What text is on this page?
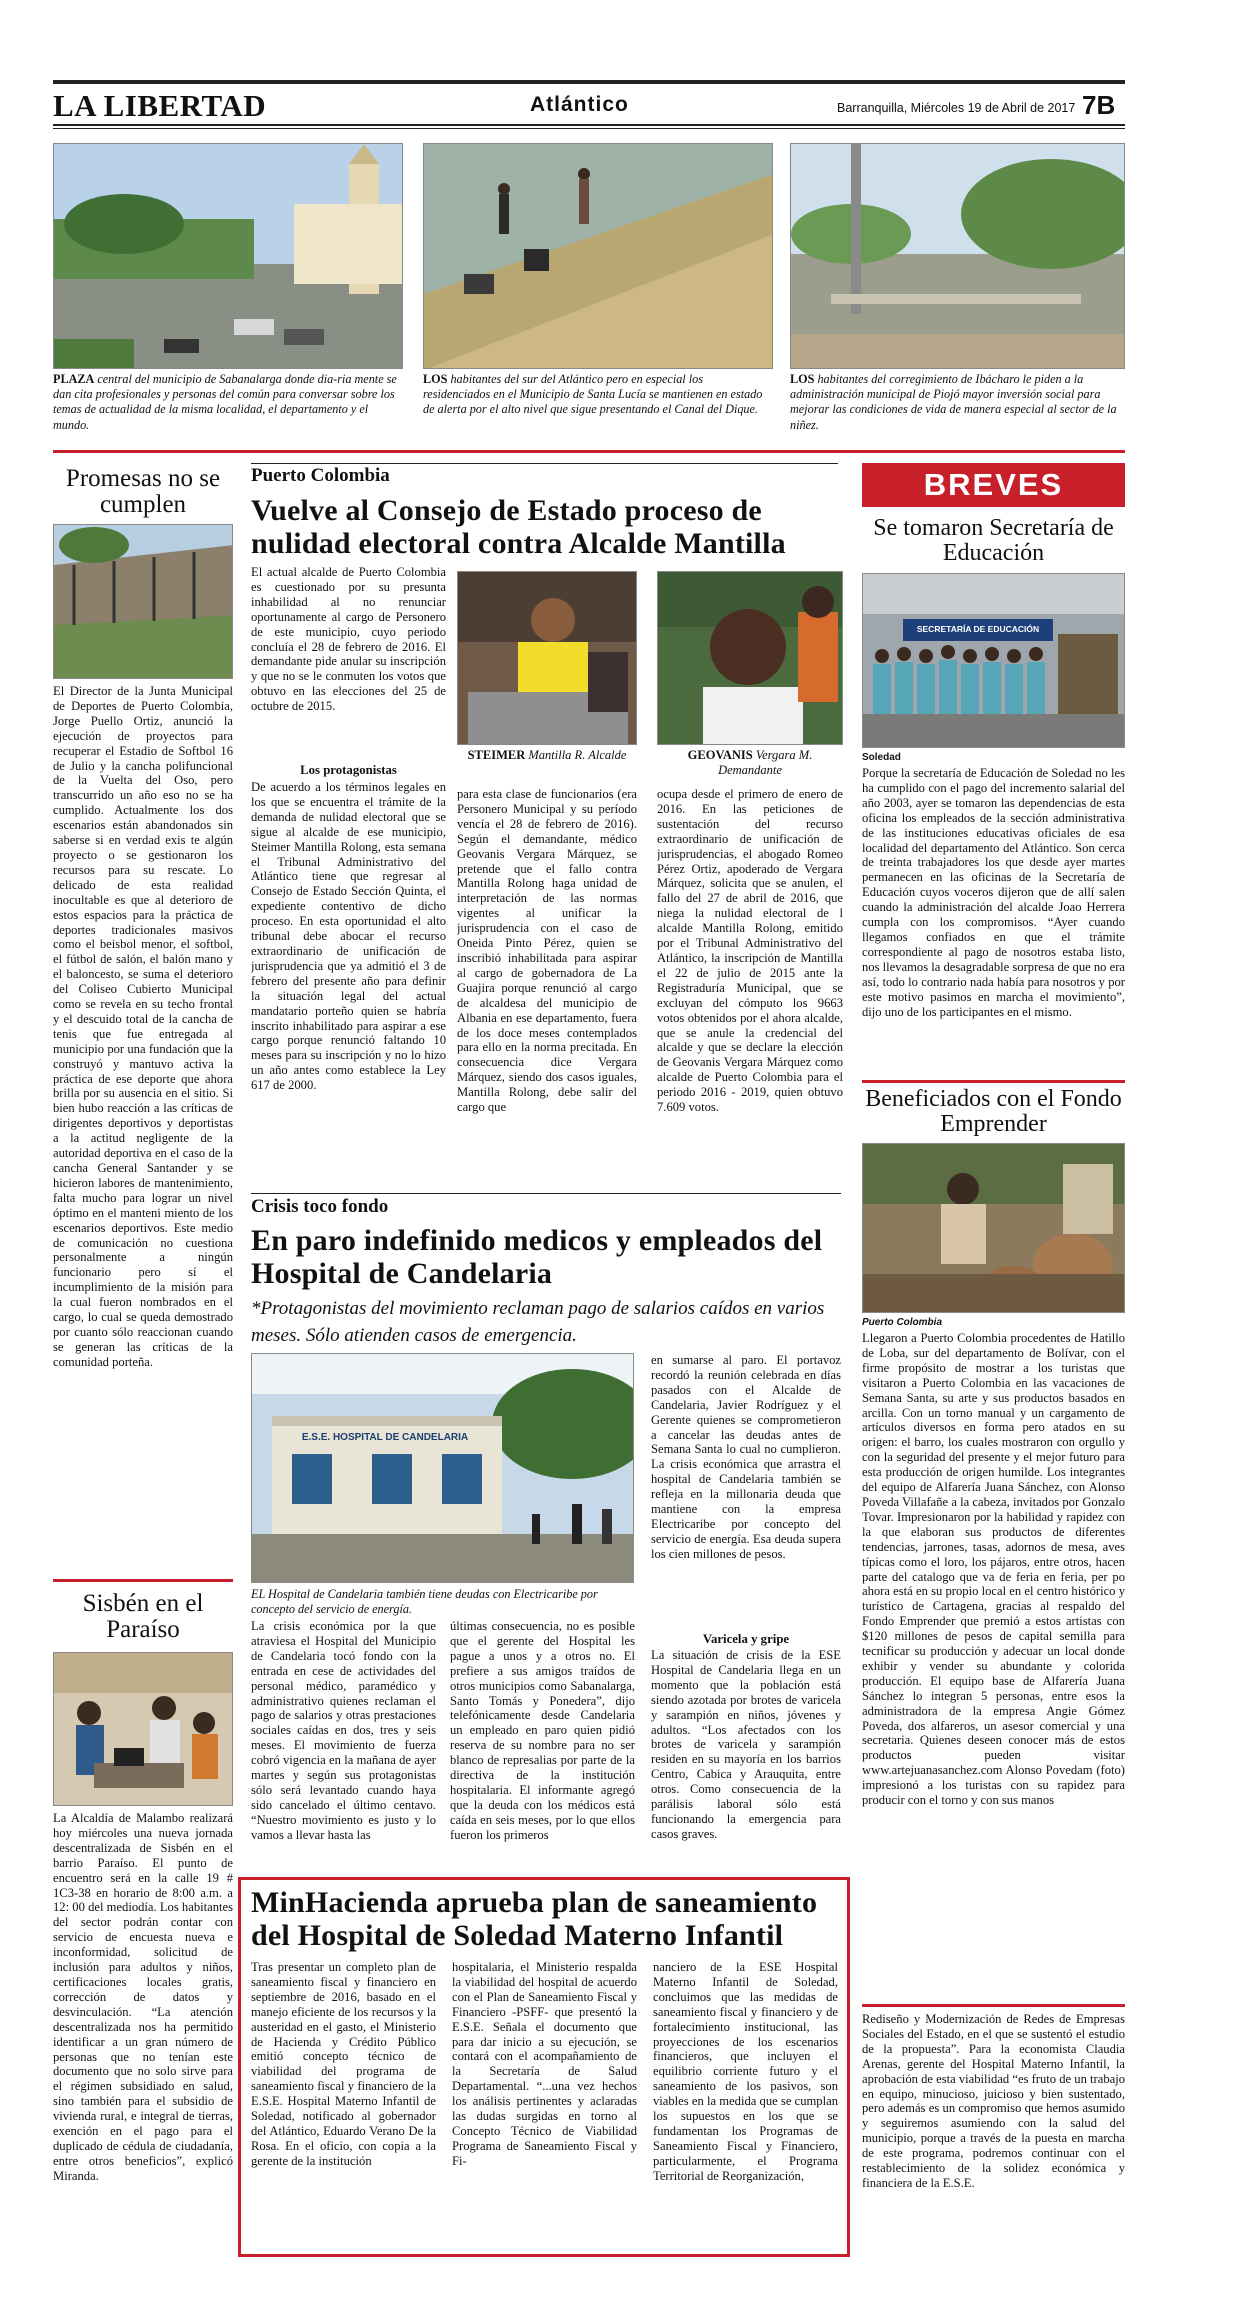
LA LIBERTAD	Atlántico	Barranquilla, Miércoles 19 de Abril de 2017 7B
PLAZA central del municipio de Sabanalarga donde dia-ria mente se dan cita profesionales y personas del común para conversar sobre los temas de actualidad de la misma localidad, el departamento y el mundo.
LOS habitantes del sur del Atlántico pero en especial los residenciados en el Municipio de Santa Lucía se mantienen en estado de alerta por el alto nivel que sigue presentando el Canal del Dique.
LOS habitantes del corregimiento de Ibácharo le piden a la administración municipal de Piojó mayor inversión social para mejorar las condiciones de vida de manera especial al sector de la niñez.
Promesas no se cumplen
El Director de la Junta Municipal de Deportes de Puerto Colombia, Jorge Puello Ortiz, anunció la ejecución de proyectos para recuperar el Estadio de Softbol 16 de Julio y la cancha polifuncional de la Vuelta del Oso, pero transcurrido un año eso no se ha cumplido. Actualmente los dos escenarios están abandonados sin saberse si en verdad exis te algún proyecto o se gestionaron los recursos para su rescate. Lo delicado de esta realidad inocultable es que al deterioro de estos espacios para la práctica de deportes tradicionales masivos como el beisbol menor, el softbol, el fútbol de salón, el balón mano y el baloncesto, se suma el deterioro del Coliseo Cubierto Municipal como se revela en su techo frontal y el descuido total de la cancha de tenis que fue entregada al municipio por una fundación que la construyó y mantuvo activa la práctica de ese deporte que ahora brilla por su ausencia en el sitio. Si bien hubo reacción a las críticas de dirigentes deportivos y deportistas a la actitud negligente de la autoridad deportiva en el caso de la cancha General Santander y se hicieron labores de mantenimiento, falta mucho para lograr un nivel óptimo en el manteni miento de los escenarios deportivos. Este medio de comunicación no cuestiona personalmente a ningún funcionario pero sí el incumplimiento de la misión para la cual fueron nombrados en el cargo, lo cual se queda demostrado por cuanto sólo reaccionan cuando se generan las críticas de la comunidad porteña.
Sisbén en el Paraíso
La Alcaldía de Malambo realizará hoy miércoles una nueva jornada descentralizada de Sisbén en el barrio Paraíso. El punto de encuentro será en la calle 19 # 1C3-38 en horario de 8:00 a.m. a 12: 00 del mediodía. Los habitantes del sector podrán contar con servicio de encuesta nueva e inconformidad, solicitud de inclusión para adultos y niños, certificaciones locales gratis, corrección de datos y desvinculación. “La atención descentralizada nos ha permitido identificar a un gran número de personas que no tenían este documento que no solo sirve para el régimen subsidiado en salud, sino también para el subsidio de vivienda rural, e integral de tierras, exención en el pago para el duplicado de cédula de ciudadanía, entre otros beneficios”, explicó Miranda.
Puerto Colombia
Vuelve al Consejo de Estado proceso de nulidad electoral contra Alcalde Mantilla
El actual alcalde de Puerto Colombia es cuestionado por su presunta inhabilidad al no renunciar oportunamente al cargo de Personero de este municipio, cuyo periodo concluía el 28 de febrero de 2016. El demandante pide anular su inscripción y que no se le conmuten los votos que obtuvo en las elecciones del 25 de octubre de 2015.
Los protagonistas
De acuerdo a los términos legales en los que se encuentra el trámite de la demanda de nulidad electoral que se sigue al alcalde de ese municipio, Steimer Mantilla Rolong, esta semana el Tribunal Administrativo del Atlántico tiene que regresar al Consejo de Estado Sección Quinta, el expediente contentivo de dicho proceso. En esta oportunidad el alto tribunal debe abocar el recurso extraordinario de unificación de jurisprudencia que ya admitió el 3 de febrero del presente año para definir la situación legal del actual mandatario porteño quien se habría inscrito inhabilitado para aspirar a ese cargo porque renunció faltando 10 meses para su inscripción y no lo hizo un año antes como establece la Ley 617 de 2000.
STEIMER Mantilla R. Alcalde	GEOVANIS Vergara M. Demandante
para esta clase de funcionarios (era Personero Municipal y su período vencía el 28 de febrero de 2016). Según el demandante, médico Geovanis Vergara Márquez, se pretende que el fallo contra Mantilla Rolong haga unidad de interpretación de las normas vigentes al unificar la jurisprudencia con el caso de Oneida Pinto Pérez, quien se inscribió inhabilitada para aspirar al cargo de gobernadora de La Guajira porque renunció al cargo de alcaldesa del municipio de Albania en ese departamento, fuera de los doce meses contemplados para ello en la norma precitada. En consecuencia dice Vergara Márquez, siendo dos casos iguales, Mantilla Rolong, debe salir del cargo que
ocupa desde el primero de enero de 2016. En las peticiones de sustentación del recurso extraordinario de unificación de jurisprudencias, el abogado Romeo Pérez Ortiz, apoderado de Vergara Márquez, solicita que se anulen, el fallo del 27 de abril de 2016, que niega la nulidad electoral de l alcalde Mantilla Rolong, emitido por el Tribunal Administrativo del Atlántico, la inscripción de Mantilla el 22 de julio de 2015 ante la Registraduría Municipal, que se excluyan del cómputo los 9663 votos obtenidos por el ahora alcalde, que se anule la credencial del alcalde y que se declare la elección de Geovanis Vergara Márquez como alcalde de Puerto Colombia para el periodo 2016 - 2019, quien obtuvo 7.609 votos.
Crisis toco fondo
En paro indefinido medicos y empleados del Hospital de Candelaria
*Protagonistas del movimiento reclaman pago de salarios caídos en varios meses. Sólo atienden casos de emergencia.
E.S.E. HOSPITAL DE CANDELARIA
EL Hospital de Candelaria también tiene deudas con Electricaribe por concepto del servicio de energía.
La crisis económica por la que atraviesa el Hospital del Municipio de Candelaria tocó fondo con la entrada en cese de actividades del personal médico, paramédico y administrativo quienes reclaman el pago de salarios y otras prestaciones sociales caídas en dos, tres y seis meses. El movimiento de fuerza cobró vigencia en la mañana de ayer martes y según sus protagonistas sólo será levantado cuando haya sido cancelado el último centavo. “Nuestro movimiento es justo y lo vamos a llevar hasta las
últimas consecuencia, no es posible que el gerente del Hospital les pague a unos y a otros no. El prefiere a sus amigos traídos de otros municipios como Sabanalarga, Santo Tomás y Ponedera”, dijo telefónicamente desde Candelaria un empleado en paro quien pidió reserva de su nombre para no ser blanco de represalias por parte de la directiva de la institución hospitalaria. El informante agregó que la deuda con los médicos está caída en seis meses, por lo que ellos fueron los primeros
en sumarse al paro. El portavoz recordó la reunión celebrada en días pasados con el Alcalde de Candelaria, Javier Rodríguez y el Gerente quienes se comprometieron a cancelar las deudas antes de Semana Santa lo cual no cumplieron. La crisis económica que arrastra el hospital de Candelaria también se refleja en la millonaria deuda que mantiene con la empresa Electricaribe por concepto del servicio de energía. Esa deuda supera los cien millones de pesos.
Varicela y gripe
La situación de crisis de la ESE Hospital de Candelaria llega en un momento que la población está siendo azotada por brotes de varicela y sarampión en niños, jóvenes y adultos. “Los afectados con los brotes de varicela y sarampión residen en su mayoría en los barrios Centro, Cabica y Arauquita, entre otros. Como consecuencia de la parálisis laboral sólo está funcionando la emergencia para casos graves.
MinHacienda aprueba plan de saneamiento del Hospital de Soledad Materno Infantil
Tras presentar un completo plan de saneamiento fiscal y financiero en septiembre de 2016, basado en el manejo eficiente de los recursos y la austeridad en el gasto, el Ministerio de Hacienda y Crédito Público emitió concepto técnico de viabilidad del programa de saneamiento fiscal y financiero de la E.S.E. Hospital Materno Infantil de Soledad, notificado al gobernador del Atlántico, Eduardo Verano De la Rosa. En el oficio, con copia a la gerente de la institución
hospitalaria, el Ministerio respalda la viabilidad del hospital de acuerdo con el Plan de Saneamiento Fiscal y Financiero -PSFF- que presentó la E.S.E. Señala el documento que para dar inicio a su ejecución, se contará con el acompañamiento de la Secretaría de Salud Departamental. “...una vez hechos los análisis pertinentes y aclaradas las dudas surgidas en torno al Concepto Técnico de Viabilidad Programa de Saneamiento Fiscal y Fi-
nanciero de la ESE Hospital Materno Infantil de Soledad, concluimos que las medidas de saneamiento fiscal y financiero y de fortalecimiento institucional, las proyecciones de los escenarios financieros, que incluyen el equilibrio corriente futuro y el saneamiento de los pasivos, son viables en la medida que se cumplan los supuestos en los que se fundamentan los Programas de Saneamiento Fiscal y Financiero, particularmente, el Programa Territorial de Reorganización,
Rediseño y Modernización de Redes de Empresas Sociales del Estado, en el que se sustentó el estudio de la propuesta”. Para la economista Claudia Arenas, gerente del Hospital Materno Infantil, la aprobación de esta viabilidad “es fruto de un trabajo en equipo, minucioso, juicioso y bien sustentado, pero además es un compromiso que hemos asumido y seguiremos asumiendo con la salud del municipio, porque a través de la puesta en marcha de este programa, podremos continuar con el restablecimiento de la solidez económica y financiera de la E.S.E.
BREVES
Se tomaron Secretaría de Educación
SECRETARÍA DE EDUCACIÓN
Soledad
Porque la secretaría de Educación de Soledad no les ha cumplido con el pago del incremento salarial del año 2003, ayer se tomaron las dependencias de esta oficina los empleados de la sección administrativa de las instituciones educativas oficiales de esa localidad del departamento del Atlántico. Son cerca de treinta trabajadores los que desde ayer martes permanecen en las oficinas de la Secretaría de Educación cuyos voceros dijeron que de allí salen cuando la administración del alcalde Joao Herrera cumpla con los compromisos. “Ayer cuando llegamos confiados en que el trámite correspondiente al pago de nosotros estaba listo, nos llevamos la desagradable sorpresa de que no era así, todo lo contrario nada había para nosotros y por este motivo pasimos en marcha el movimiento”, dijo uno de los participantes en el mismo.
Beneficiados con el Fondo Emprender
Puerto Colombia
Llegaron a Puerto Colombia procedentes de Hatillo de Loba, sur del departamento de Bolívar, con el firme propósito de mostrar a los turistas que visitaron a Puerto Colombia en las vacaciones de Semana Santa, su arte y sus productos basados en arcilla. Con un torno manual y un cargamento de artículos diversos en forma pero atados en su origen: el barro, los cuales mostraron con orgullo y con la seguridad del presente y el mejor futuro para esta producción de origen humilde. Los integrantes del equipo de Alfarería Juana Sánchez, con Alonso Poveda Villafañe a la cabeza, invitados por Gonzalo Tovar. Impresionaron por la habilidad y rapidez con la que elaboran sus productos de diferentes tendencias, jarrones, tasas, adornos de mesa, aves típicas como el loro, los pájaros, entre otros, hacen parte del catalogo que va de feria en feria, per po ahora está en su propio local en el centro histórico y turístico de Cartagena, gracias al respaldo del Fondo Emprender que premió a estos artistas con $120 millones de pesos de capital semilla para tecnificar su producción y adecuar un local donde exhibir y vender su abundante y colorida producción. El equipo base de Alfarería Juana Sánchez lo integran 5 personas, entre esos la administradora de la empresa Angie Gómez Poveda, dos alfareros, un asesor comercial y una secretaria. Quienes deseen conocer más de estos productos pueden visitar www.artejuanasanchez.com Alonso Povedam (foto) impresionó a los turistas con su rapidez para producir con el torno y con sus manos
